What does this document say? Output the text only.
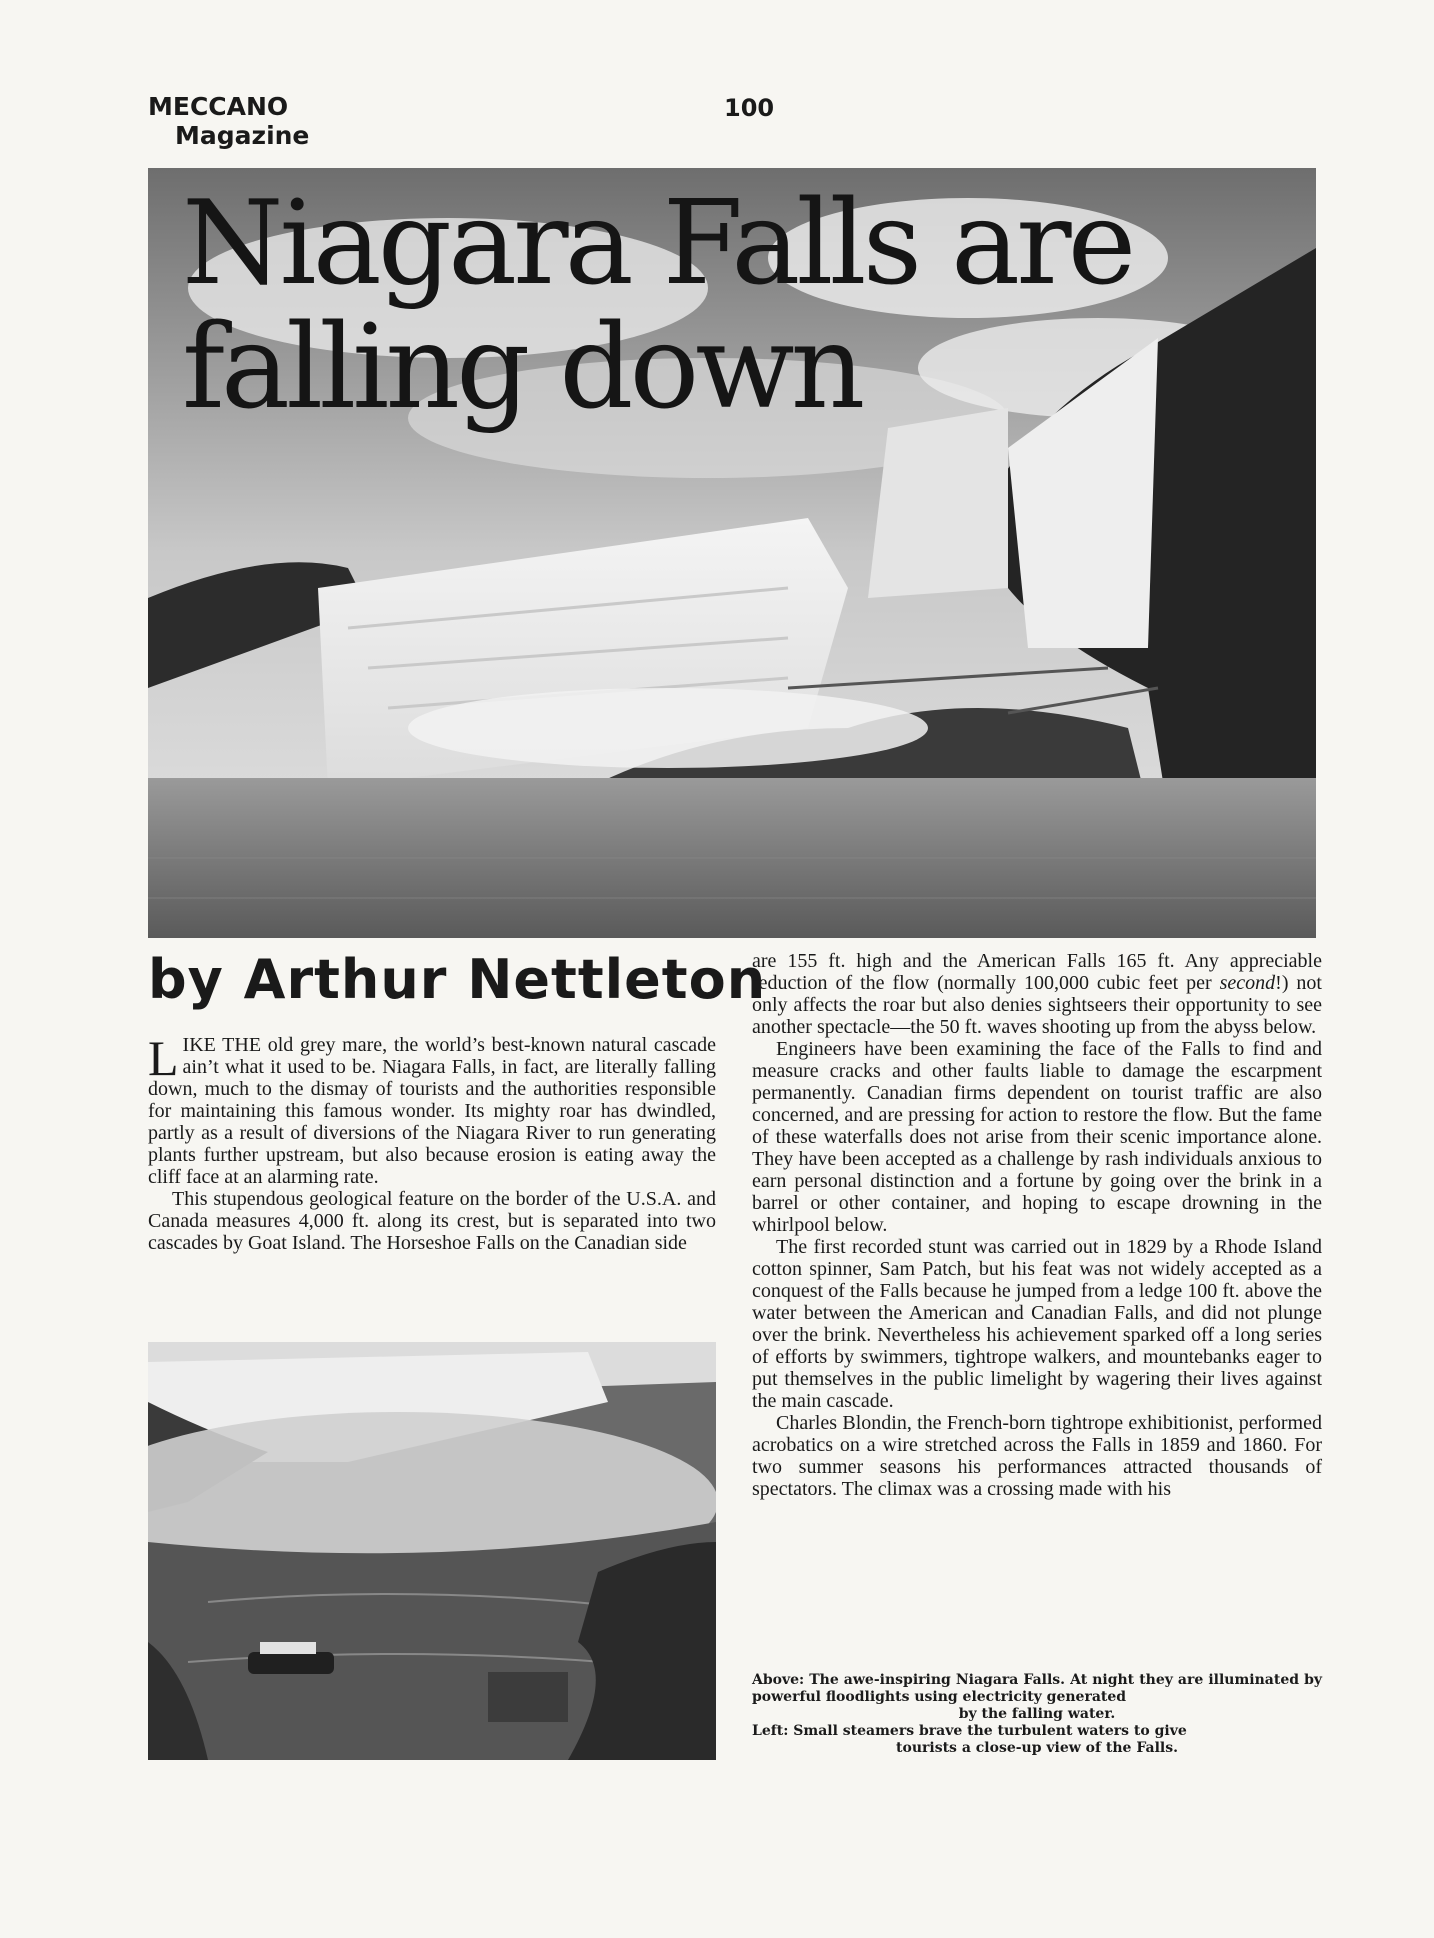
MECCANO
Magazine
100
Niagara Falls are
falling down
by Arthur Nettleton

LIKE THE old grey mare, the world’s best-known natural cascade ain’t what it used to be. Niagara Falls, in fact, are literally falling down, much to the dismay of tourists and the authorities responsible for maintaining this famous wonder. Its mighty roar has dwindled, partly as a result of diversions of the Niagara River to run generating plants further upstream, but also because erosion is eating away the cliff face at an alarming rate.

This stupendous geological feature on the border of the U.S.A. and Canada measures 4,000 ft. along its crest, but is separated into two cascades by Goat Island. The Horseshoe Falls on the Canadian side

are 155 ft. high and the American Falls 165 ft. Any appreciable reduction of the flow (normally 100,000 cubic feet per second!) not only affects the roar but also denies sightseers their opportunity to see another spectacle—the 50 ft. waves shooting up from the abyss below.

Engineers have been examining the face of the Falls to find and measure cracks and other faults liable to damage the escarpment permanently. Canadian firms dependent on tourist traffic are also concerned, and are pressing for action to restore the flow. But the fame of these waterfalls does not arise from their scenic importance alone. They have been accepted as a challenge by rash individuals anxious to earn personal distinction and a fortune by going over the brink in a barrel or other container, and hoping to escape drowning in the whirlpool below.

The first recorded stunt was carried out in 1829 by a Rhode Island cotton spinner, Sam Patch, but his feat was not widely accepted as a conquest of the Falls because he jumped from a ledge 100 ft. above the water between the American and Canadian Falls, and did not plunge over the brink. Nevertheless his achievement sparked off a long series of efforts by swimmers, tightrope walkers, and mountebanks eager to put themselves in the public limelight by wagering their lives against the main cascade.

Charles Blondin, the French-born tightrope exhibitionist, performed acrobatics on a wire stretched across the Falls in 1859 and 1860. For two summer seasons his performances attracted thousands of spectators. The climax was a crossing made with his

Above: The awe-inspiring Niagara Falls. At night they are illuminated by powerful floodlights using electricity generated

by the falling water.

Left: Small steamers brave the turbulent waters to give

tourists a close-up view of the Falls.
